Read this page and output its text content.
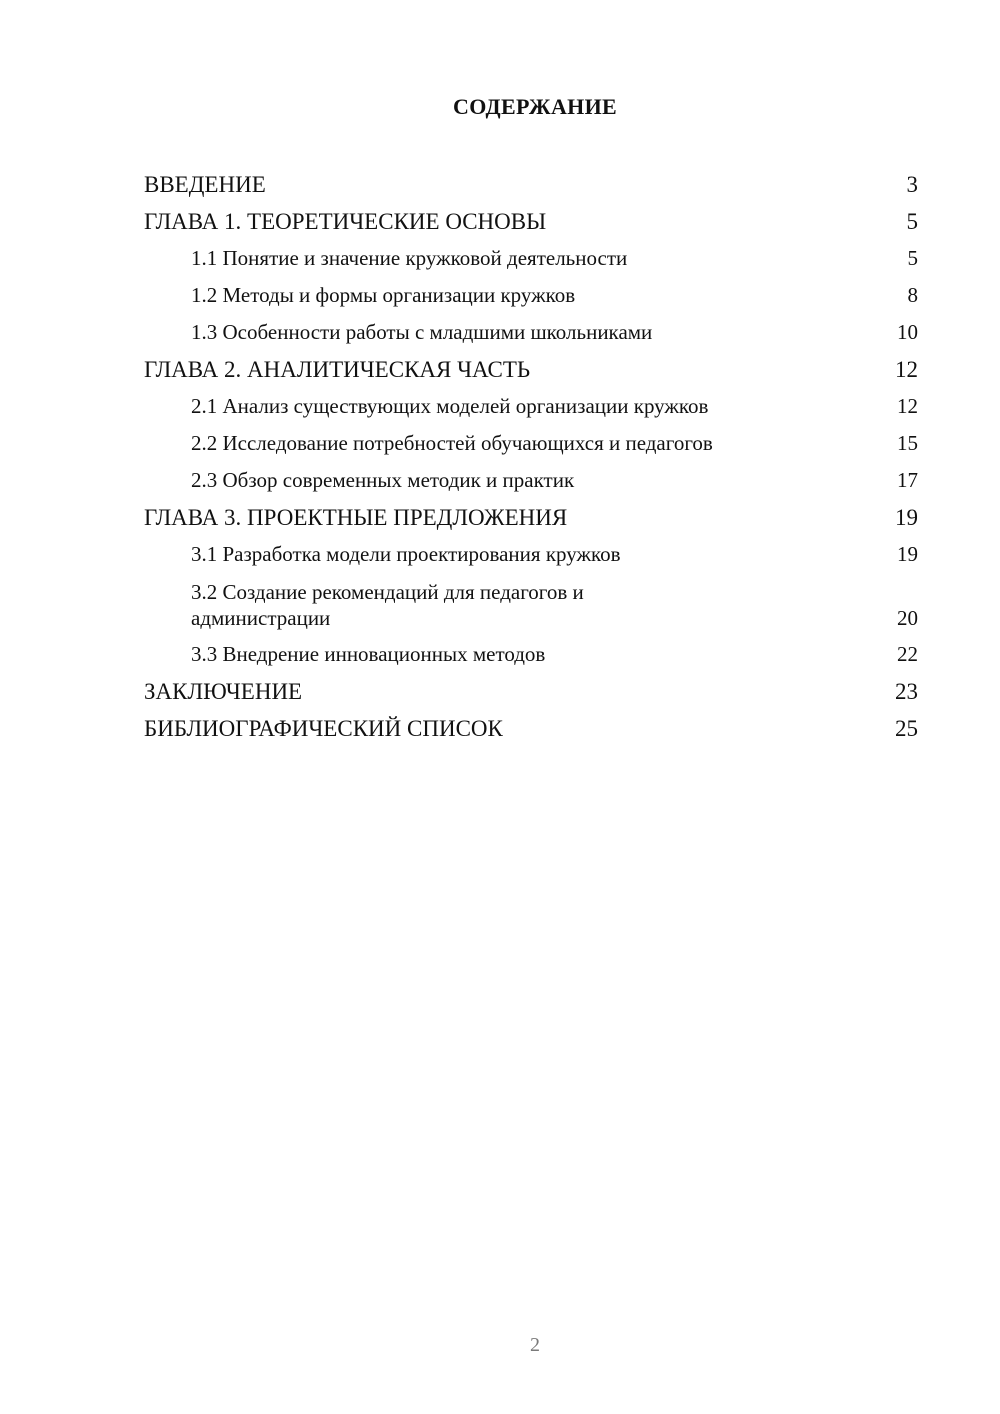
СОДЕРЖАНИЕ
ВВЕДЕНИЕ	3
ГЛАВА 1. ТЕОРЕТИЧЕСКИЕ ОСНОВЫ	5
1.1 Понятие и значение кружковой деятельности	5
1.2 Методы и формы организации кружков	8
1.3 Особенности работы с младшими школьниками	10
ГЛАВА 2. АНАЛИТИЧЕСКАЯ ЧАСТЬ	12
2.1 Анализ существующих моделей организации кружков	12
2.2 Исследование потребностей обучающихся и педагогов	15
2.3 Обзор современных методик и практик	17
ГЛАВА 3. ПРОЕКТНЫЕ ПРЕДЛОЖЕНИЯ	19
3.1 Разработка модели проектирования кружков	19
3.2 Создание рекомендаций для педагогов и администрации	20
3.3 Внедрение инновационных методов	22
ЗАКЛЮЧЕНИЕ	23
БИБЛИОГРАФИЧЕСКИЙ СПИСОК	25
2
